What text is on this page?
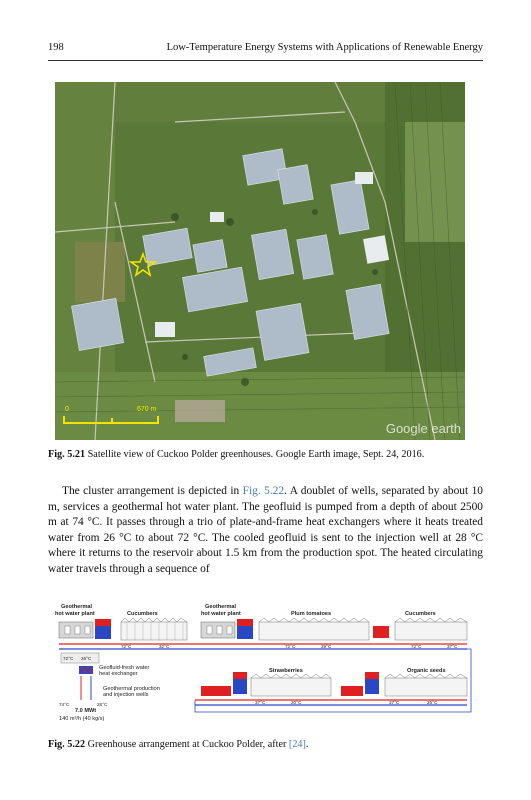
198	Low-Temperature Energy Systems with Applications of Renewable Energy
0	670 m
Google earth
Fig. 5.21 Satellite view of Cuckoo Polder greenhouses. Google Earth image, Sept. 24, 2016.
The cluster arrangement is depicted in Fig. 5.22. A doublet of wells, separated by about 10 m, services a geothermal hot water plant. The geofluid is pumped from a depth of about 2500 m at 74 °C. It passes through a trio of plate-and-frame heat exchangers where it heats treated water from 26 °C to about 72 °C. The cooled geofluid is sent to the injection well at 28 °C where it returns to the reservoir about 1.5 km from the production spot. The heated circulating water travels through a sequence of
Geothermal
hot water plant	Cucumbers
Geothermal
hot water plant	Plum tomatoes	Cucumbers
72°C	32°C	72°C	29°C	72°C	37°C
72°C 26°C
Geofluid-fresh water
heat exchanger
Geothermal production
and injection wells
74°C
7.0 MWt
28°C
140 m³/h (40 kg/s)
Strawberries	Organic seeds
37°C	20°C	37°C	26°C
Fig. 5.22 Greenhouse arrangement at Cuckoo Polder, after [24].
